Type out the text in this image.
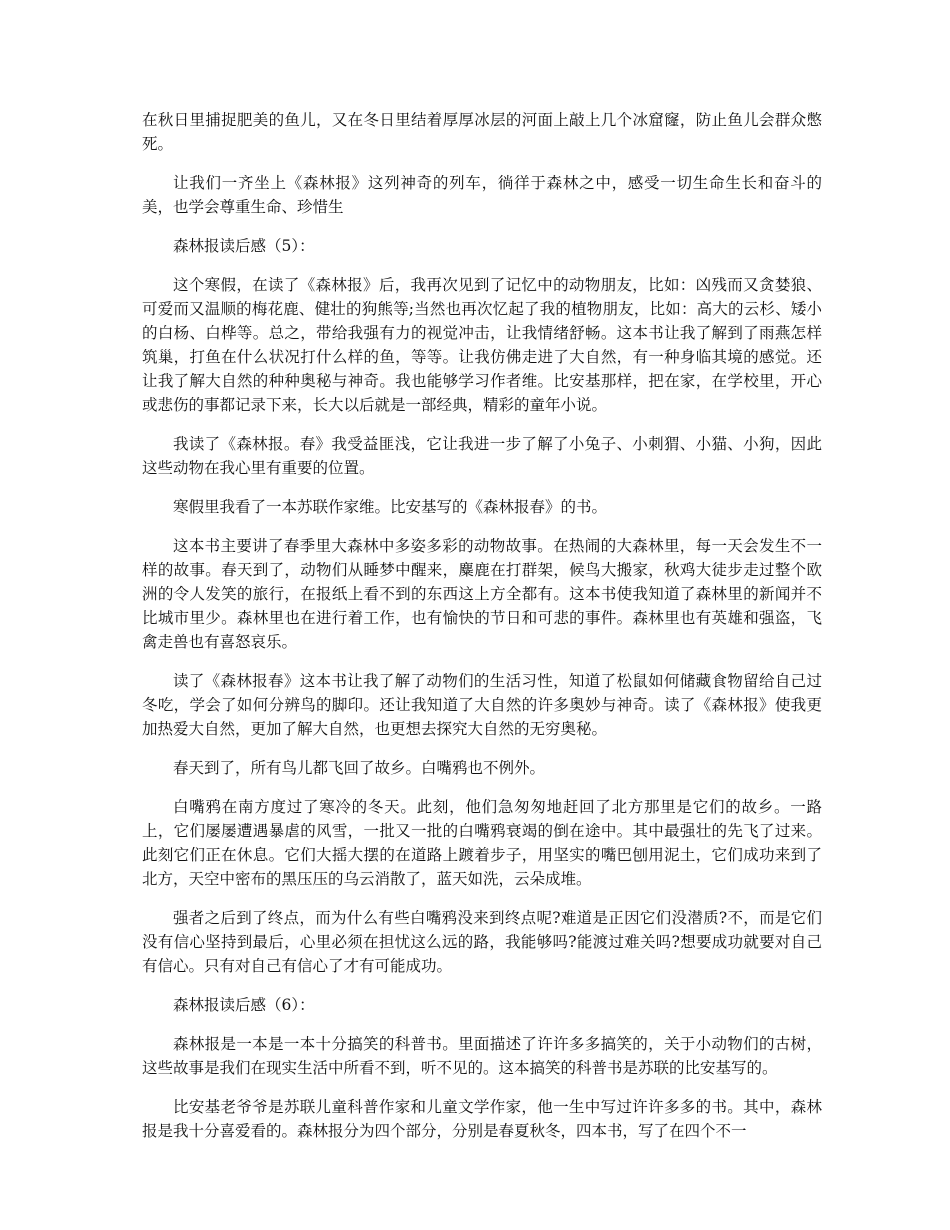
在秋日里捕捉肥美的鱼儿，又在冬日里结着厚厚冰层的河面上敲上几个冰窟窿，防止鱼儿会群众憋死。

让我们一齐坐上《森林报》这列神奇的列车，徜徉于森林之中，感受一切生命生长和奋斗的美，也学会尊重生命、珍惜生

森林报读后感（5）：

这个寒假，在读了《森林报》后，我再次见到了记忆中的动物朋友，比如：凶残而又贪婪狼、可爱而又温顺的梅花鹿、健壮的狗熊等;当然也再次忆起了我的植物朋友，比如：高大的云杉、矮小的白杨、白桦等。总之，带给我强有力的视觉冲击，让我情绪舒畅。这本书让我了解到了雨燕怎样筑巢，打鱼在什么状况打什么样的鱼，等等。让我仿佛走进了大自然，有一种身临其境的感觉。还让我了解大自然的种种奥秘与神奇。我也能够学习作者维。比安基那样，把在家，在学校里，开心或悲伤的事都记录下来，长大以后就是一部经典，精彩的童年小说。

我读了《森林报。春》我受益匪浅，它让我进一步了解了小兔子、小刺猬、小猫、小狗，因此这些动物在我心里有重要的位置。

寒假里我看了一本苏联作家维。比安基写的《森林报春》的书。

这本书主要讲了春季里大森林中多姿多彩的动物故事。在热闹的大森林里，每一天会发生不一样的故事。春天到了，动物们从睡梦中醒来，麋鹿在打群架，候鸟大搬家，秋鸡大徒步走过整个欧洲的令人发笑的旅行，在报纸上看不到的东西这上方全都有。这本书使我知道了森林里的新闻并不比城市里少。森林里也在进行着工作，也有愉快的节日和可悲的事件。森林里也有英雄和强盗，飞禽走兽也有喜怒哀乐。

读了《森林报春》这本书让我了解了动物们的生活习性，知道了松鼠如何储藏食物留给自己过冬吃，学会了如何分辨鸟的脚印。还让我知道了大自然的许多奥妙与神奇。读了《森林报》使我更加热爱大自然，更加了解大自然，也更想去探究大自然的无穷奥秘。

春天到了，所有鸟儿都飞回了故乡。白嘴鸦也不例外。

白嘴鸦在南方度过了寒冷的冬天。此刻，他们急匆匆地赶回了北方那里是它们的故乡。一路上，它们屡屡遭遇暴虐的风雪，一批又一批的白嘴鸦衰竭的倒在途中。其中最强壮的先飞了过来。此刻它们正在休息。它们大摇大摆的在道路上踱着步子，用坚实的嘴巴刨用泥土，它们成功来到了北方，天空中密布的黑压压的乌云消散了，蓝天如洗，云朵成堆。

强者之后到了终点，而为什么有些白嘴鸦没来到终点呢?难道是正因它们没潜质?不，而是它们没有信心坚持到最后，心里必须在担忧这么远的路，我能够吗?能渡过难关吗?想要成功就要对自己有信心。只有对自己有信心了才有可能成功。

森林报读后感（6）：

森林报是一本是一本十分搞笑的科普书。里面描述了许许多多搞笑的，关于小动物们的古树，这些故事是我们在现实生活中所看不到，听不见的。这本搞笑的科普书是苏联的比安基写的。

比安基老爷爷是苏联儿童科普作家和儿童文学作家，他一生中写过许许多多的书。其中，森林报是我十分喜爱看的。森林报分为四个部分，分别是春夏秋冬，四本书，写了在四个不一
